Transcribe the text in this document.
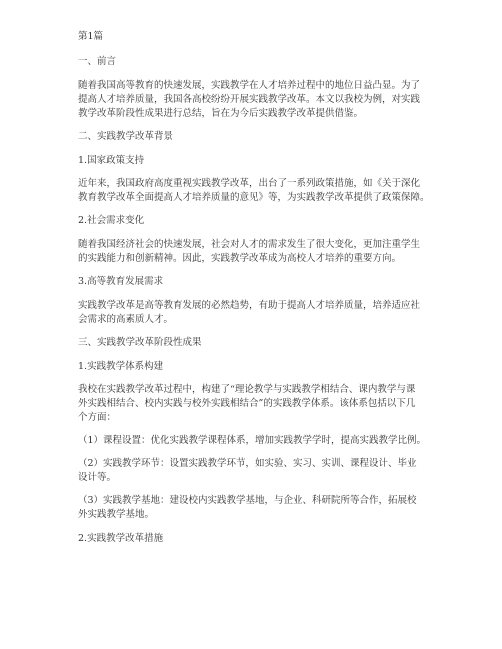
第1篇
一、前言
随着我国高等教育的快速发展，实践教学在人才培养过程中的地位日益凸显。为了
提高人才培养质量，我国各高校纷纷开展实践教学改革。本文以我校为例，对实践
教学改革阶段性成果进行总结，旨在为今后实践教学改革提供借鉴。
二、实践教学改革背景
1.国家政策支持
近年来，我国政府高度重视实践教学改革，出台了一系列政策措施，如《关于深化
教育教学改革全面提高人才培养质量的意见》等，为实践教学改革提供了政策保障。
2.社会需求变化
随着我国经济社会的快速发展，社会对人才的需求发生了很大变化，更加注重学生
的实践能力和创新精神。因此，实践教学改革成为高校人才培养的重要方向。
3.高等教育发展需求
实践教学改革是高等教育发展的必然趋势，有助于提高人才培养质量，培养适应社
会需求的高素质人才。
三、实践教学改革阶段性成果
1.实践教学体系构建
我校在实践教学改革过程中，构建了“理论教学与实践教学相结合、课内教学与课
外实践相结合、校内实践与校外实践相结合”的实践教学体系。该体系包括以下几
个方面：
（1）课程设置：优化实践教学课程体系，增加实践教学学时，提高实践教学比例。
（2）实践教学环节：设置实践教学环节，如实验、实习、实训、课程设计、毕业
设计等。
（3）实践教学基地：建设校内实践教学基地，与企业、科研院所等合作，拓展校
外实践教学基地。
2.实践教学改革措施
